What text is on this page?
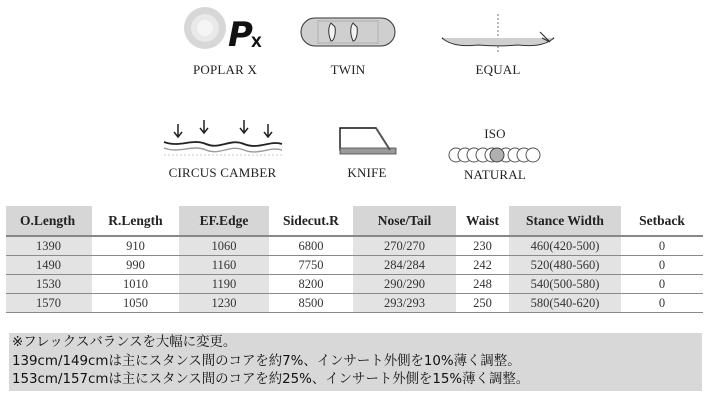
P
X
POPLAR X	TWIN	EQUAL
CIRCUS CAMBER	KNIFE
ISO
NATURAL
O.Length	R.Length	EF.Edge	Sidecut.R	Nose/Tail	Waist	Stance Width	Setback
1390	910	1060	6800	270/270	230	460(420-500)	0
1490	990	1160	7750	284/284	242	520(480-560)	0
1530	1010	1190	8200	290/290	248	540(500-580)	0
1570	1050	1230	8500	293/293	250	580(540-620)	0
※フレックスバランスを大幅に変更。
139cm/149cmは主にスタンス間のコアを約7%、インサート外側を10%薄く調整。
153cm/157cmは主にスタンス間のコアを約25%、インサート外側を15%薄く調整。
